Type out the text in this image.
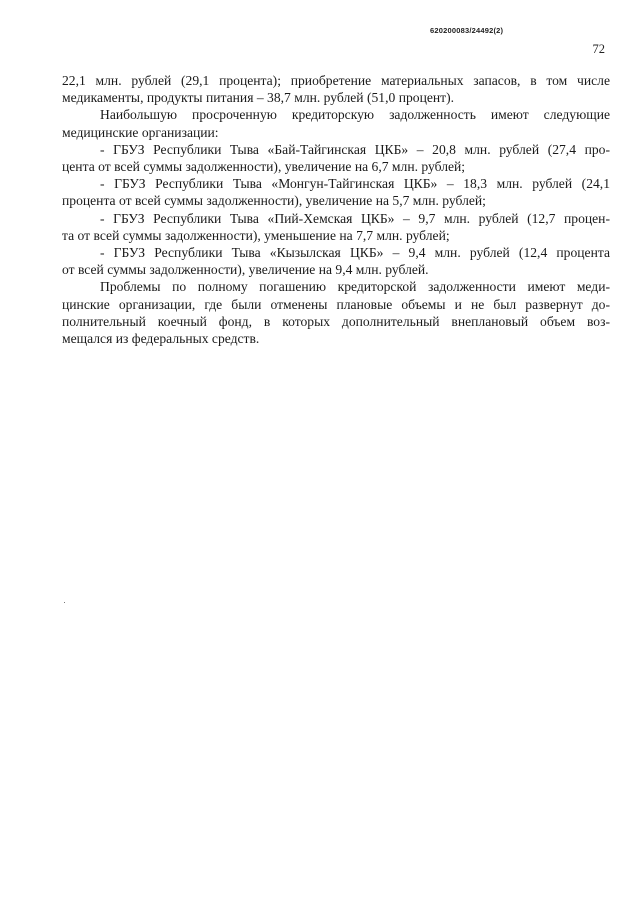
620200083/24492(2)
72
22,1 млн. рублей (29,1 процента); приобретение материальных запасов, в том числе
медикаменты, продукты питания – 38,7 млн. рублей (51,0 процент).
Наибольшую просроченную кредиторскую задолженность имеют следующие
медицинские организации:
- ГБУЗ Республики Тыва «Бай-Тайгинская ЦКБ» – 20,8 млн. рублей (27,4 про-
цента от всей суммы задолженности), увеличение на 6,7 млн. рублей;
- ГБУЗ Республики Тыва «Монгун-Тайгинская ЦКБ» – 18,3 млн. рублей (24,1
процента от всей суммы задолженности), увеличение на 5,7 млн. рублей;
- ГБУЗ Республики Тыва «Пий-Хемская ЦКБ» – 9,7 млн. рублей (12,7 процен-
та от всей суммы задолженности), уменьшение на 7,7 млн. рублей;
- ГБУЗ Республики Тыва «Кызылская ЦКБ» – 9,4 млн. рублей (12,4 процента
от всей суммы задолженности), увеличение на 9,4 млн. рублей.
Проблемы по полному погашению кредиторской задолженности имеют меди-
цинские организации, где были отменены плановые объемы и не был развернут до-
полнительный коечный фонд, в которых дополнительный внеплановый объем воз-
мещался из федеральных средств.
